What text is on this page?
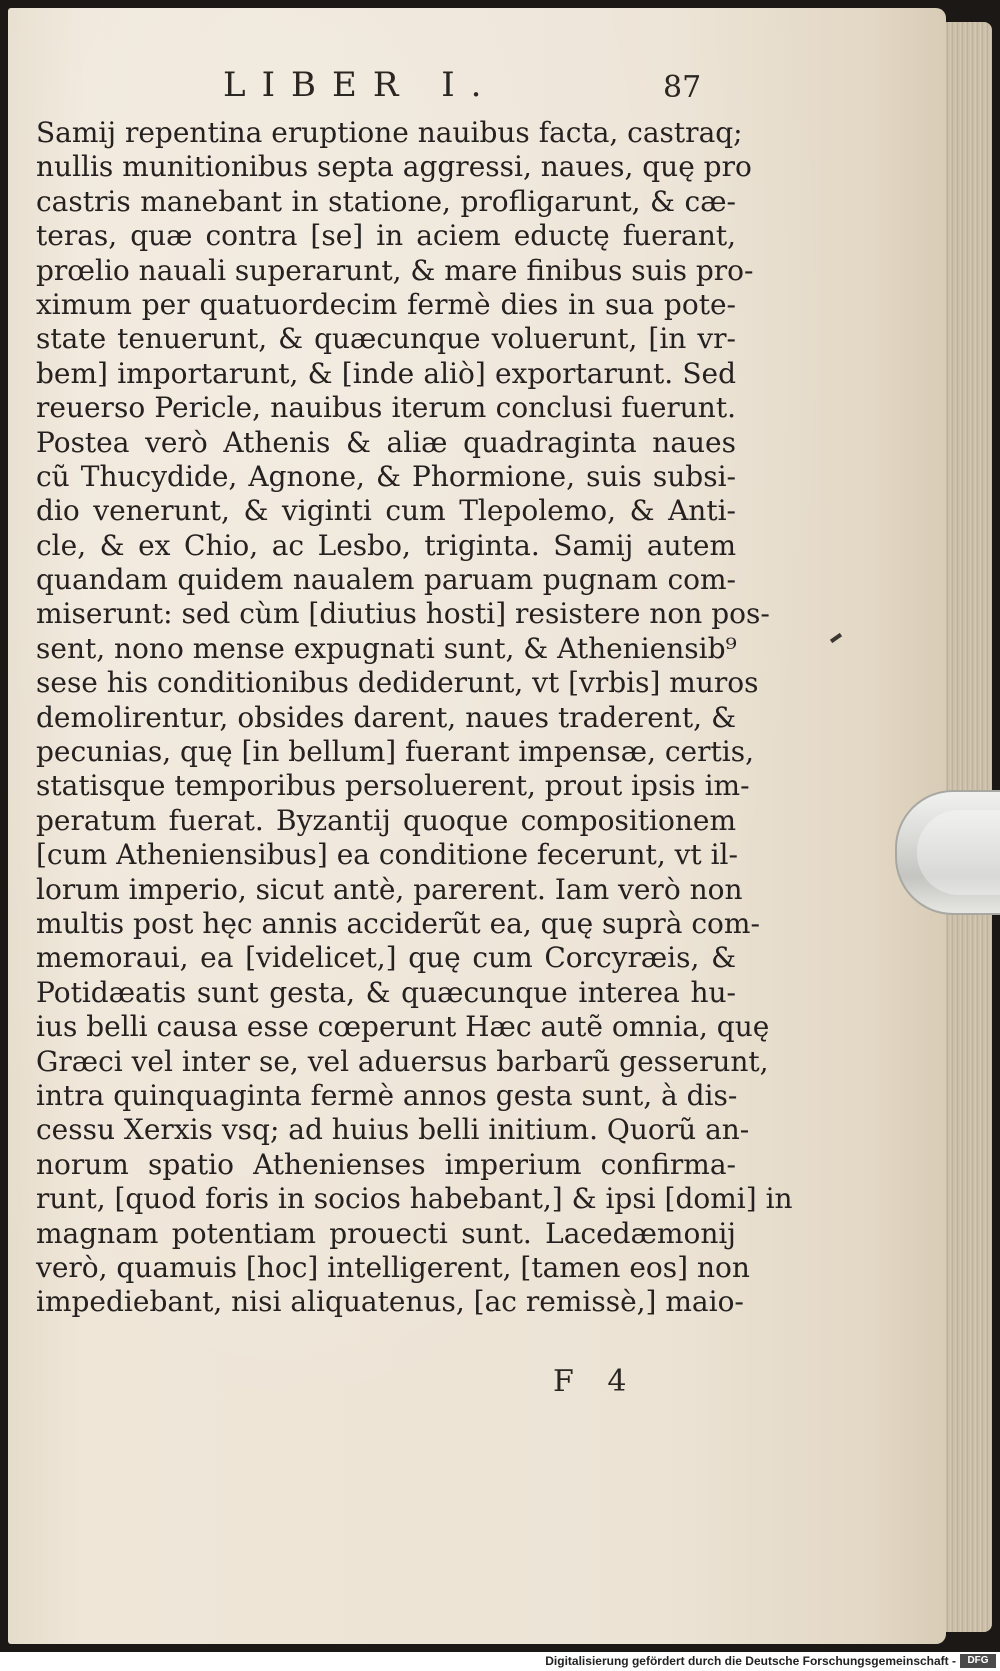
LIBER I.	87
Samij repentina eruptione nauibus facta, castraq;
nullis munitionibus septa aggressi, naues, quę pro
castris manebant in statione, profligarunt, & cæ-
teras, quæ contra [se] in aciem eductę fuerant,
prœlio nauali superarunt, & mare finibus suis pro-
ximum per quatuordecim fermè dies in sua pote-
state tenuerunt, & quæcunque voluerunt, [in vr-
bem] importarunt, & [inde aliò] exportarunt. Sed
reuerso Pericle, nauibus iterum conclusi fuerunt.
Postea verò Athenis & aliæ quadraginta naues
cũ Thucydide, Agnone, & Phormione, suis subsi-
dio venerunt, & viginti cum Tlepolemo, & Anti-
cle, & ex Chio, ac Lesbo, triginta. Samij autem
quandam quidem naualem paruam pugnam com-
miserunt: sed cùm [diutius hosti] resistere non pos-
sent, nono mense expugnati sunt, & Atheniensib⁹
sese his conditionibus dediderunt, vt [vrbis] muros
demolirentur, obsides darent, naues traderent, &
pecunias, quę [in bellum] fuerant impensæ, certis,
statisque temporibus persoluerent, prout ipsis im-
peratum fuerat. Byzantij quoque compositionem
[cum Atheniensibus] ea conditione fecerunt, vt il-
lorum imperio, sicut antè, parerent. Iam verò non
multis post hęc annis acciderũt ea, quę suprà com-
memoraui, ea [videlicet,] quę cum Corcyræis, &
Potidæatis sunt gesta, & quæcunque interea hu-
ius belli causa esse cœperunt Hæc autẽ omnia, quę
Græci vel inter se, vel aduersus barbarũ gesserunt,
intra quinquaginta fermè annos gesta sunt, à dis-
cessu Xerxis vsq; ad huius belli initium. Quorũ an-
norum spatio Athenienses imperium confirma-
runt, [quod foris in socios habebant,] & ipsi [domi] in
magnam potentiam prouecti sunt. Lacedæmonij
verò, quamuis [hoc] intelligerent, [tamen eos] non
impediebant, nisi aliquatenus, [ac remissè,] maio-
F 4
Digitalisierung gefördert durch die Deutsche Forschungsgemeinschaft -	DFG
